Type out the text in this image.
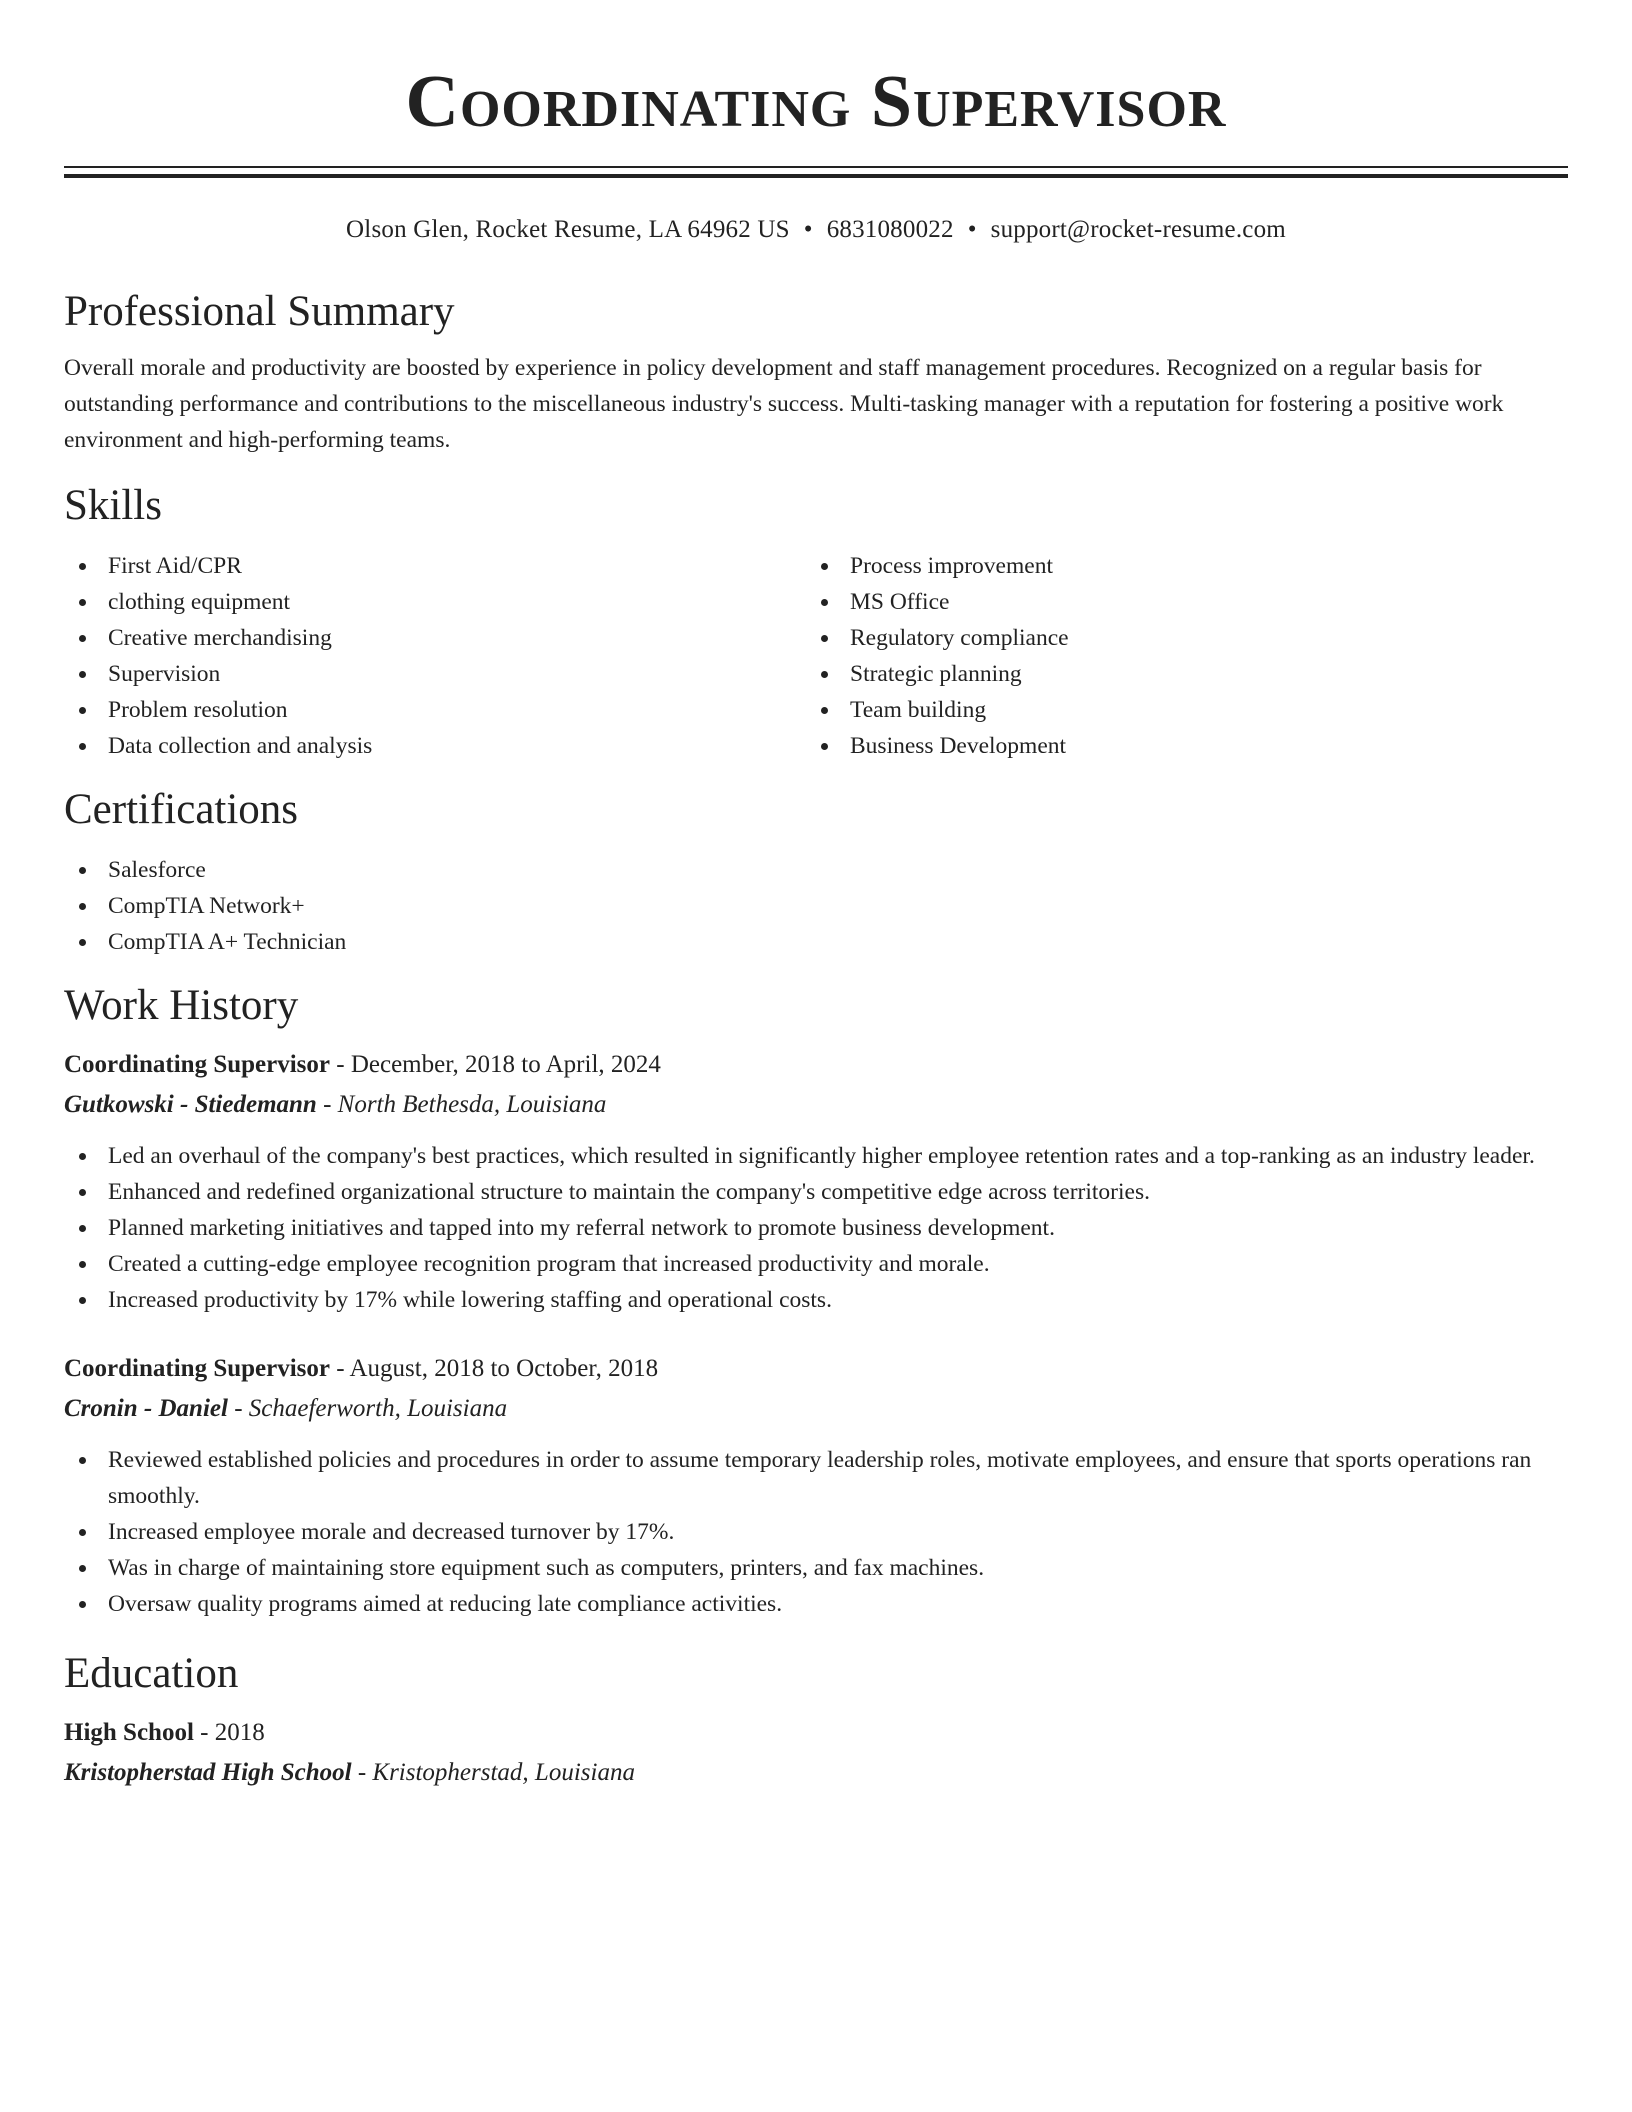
Coordinating Supervisor
Olson Glen, Rocket Resume, LA 64962 US • 6831080022 • support@rocket-resume.com
Professional Summary
Overall morale and productivity are boosted by experience in policy development and staff management procedures. Recognized on a regular basis for outstanding performance and contributions to the miscellaneous industry's success. Multi-tasking manager with a reputation for fostering a positive work environment and high-performing teams.
Skills
First Aid/CPR
clothing equipment
Creative merchandising
Supervision
Problem resolution
Data collection and analysis
Process improvement
MS Office
Regulatory compliance
Strategic planning
Team building
Business Development
Certifications
Salesforce
CompTIA Network+
CompTIA A+ Technician
Work History
Coordinating Supervisor - December, 2018 to April, 2024
Gutkowski - Stiedemann - North Bethesda, Louisiana
Led an overhaul of the company's best practices, which resulted in significantly higher employee retention rates and a top-ranking as an industry leader.
Enhanced and redefined organizational structure to maintain the company's competitive edge across territories.
Planned marketing initiatives and tapped into my referral network to promote business development.
Created a cutting-edge employee recognition program that increased productivity and morale.
Increased productivity by 17% while lowering staffing and operational costs.
Coordinating Supervisor - August, 2018 to October, 2018
Cronin - Daniel - Schaeferworth, Louisiana
Reviewed established policies and procedures in order to assume temporary leadership roles, motivate employees, and ensure that sports operations ran smoothly.
Increased employee morale and decreased turnover by 17%.
Was in charge of maintaining store equipment such as computers, printers, and fax machines.
Oversaw quality programs aimed at reducing late compliance activities.
Education
High School - 2018
Kristopherstad High School - Kristopherstad, Louisiana
